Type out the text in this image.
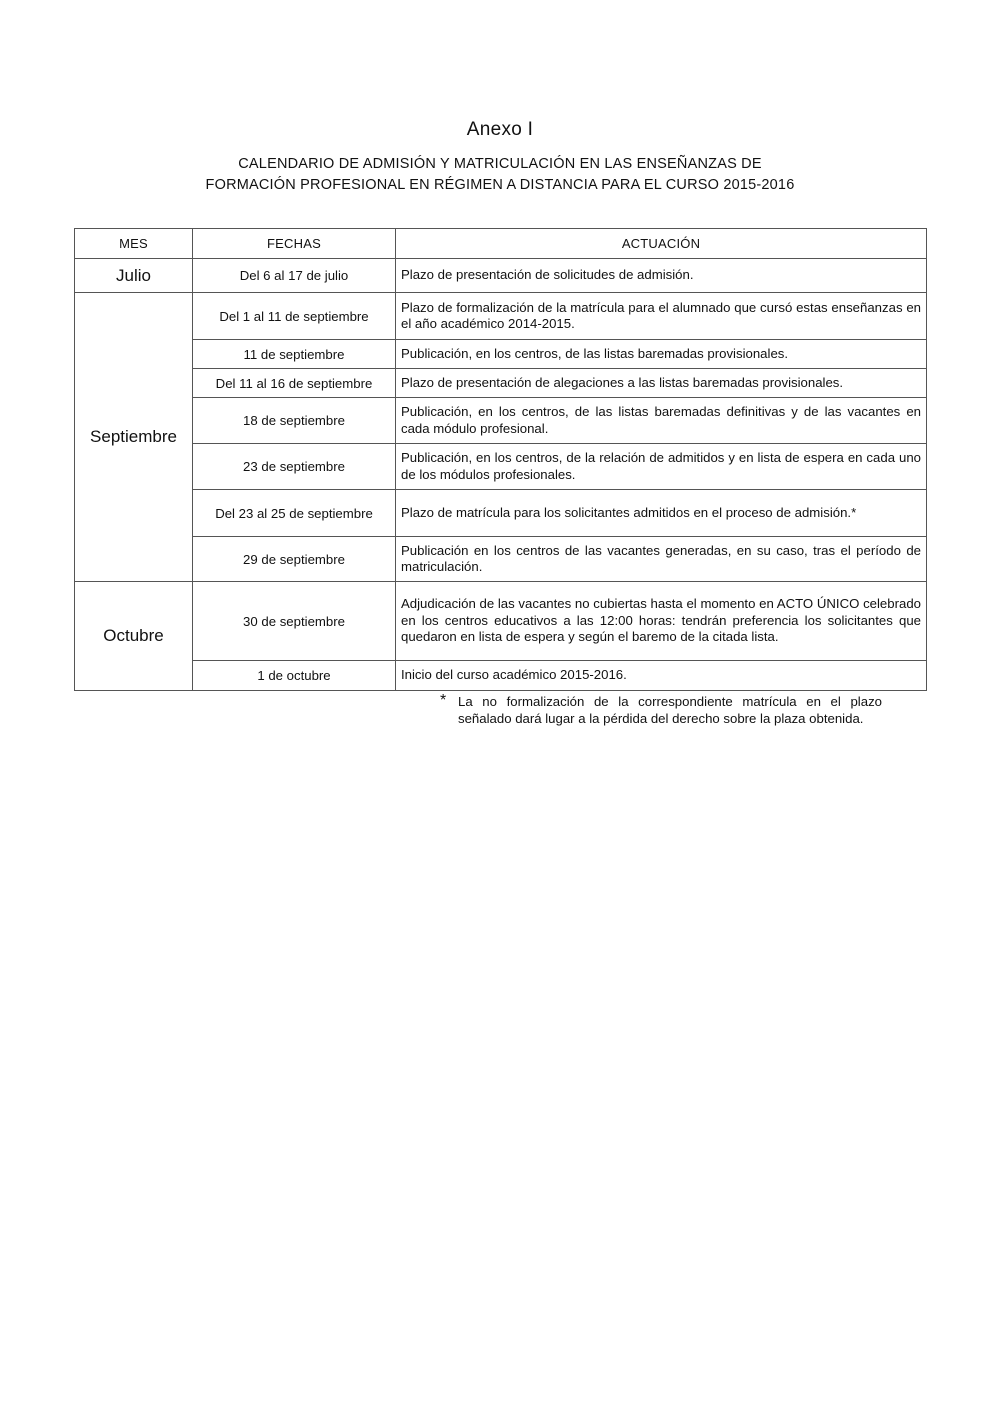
Anexo I
CALENDARIO DE ADMISIÓN Y MATRICULACIÓN EN LAS ENSEÑANZAS DE
FORMACIÓN PROFESIONAL EN RÉGIMEN A DISTANCIA PARA EL CURSO 2015-2016
MES	FECHAS	ACTUACIÓN
Julio	Del 6 al 17 de julio	Plazo de presentación de solicitudes de admisión.
Septiembre	Del 1 al 11 de septiembre	Plazo de formalización de la matrícula para el alumnado que cursó estas enseñanzas en el año académico 2014-2015.
	11 de septiembre	Publicación, en los centros, de las listas baremadas provisionales.
	Del 11 al 16 de septiembre	Plazo de presentación de alegaciones a las listas baremadas provisionales.
	18 de septiembre	Publicación, en los centros, de las listas baremadas definitivas y de las vacantes en cada módulo profesional.
	23 de septiembre	Publicación, en los centros, de la relación de admitidos y en lista de espera en cada uno de los módulos profesionales.
	Del 23 al 25 de septiembre	Plazo de matrícula para los solicitantes admitidos en el proceso de admisión.*
	29 de septiembre	Publicación en los centros de las vacantes generadas, en su caso, tras el período de matriculación.
Octubre	30 de septiembre	Adjudicación de las vacantes no cubiertas hasta el momento en ACTO ÚNICO celebrado en los centros educativos a las 12:00 horas: tendrán preferencia los solicitantes que quedaron en lista de espera y según el baremo de la citada lista.
	1 de octubre	Inicio del curso académico 2015-2016.
* La no formalización de la correspondiente matrícula en el plazo señalado dará lugar a la pérdida del derecho sobre la plaza obtenida.
